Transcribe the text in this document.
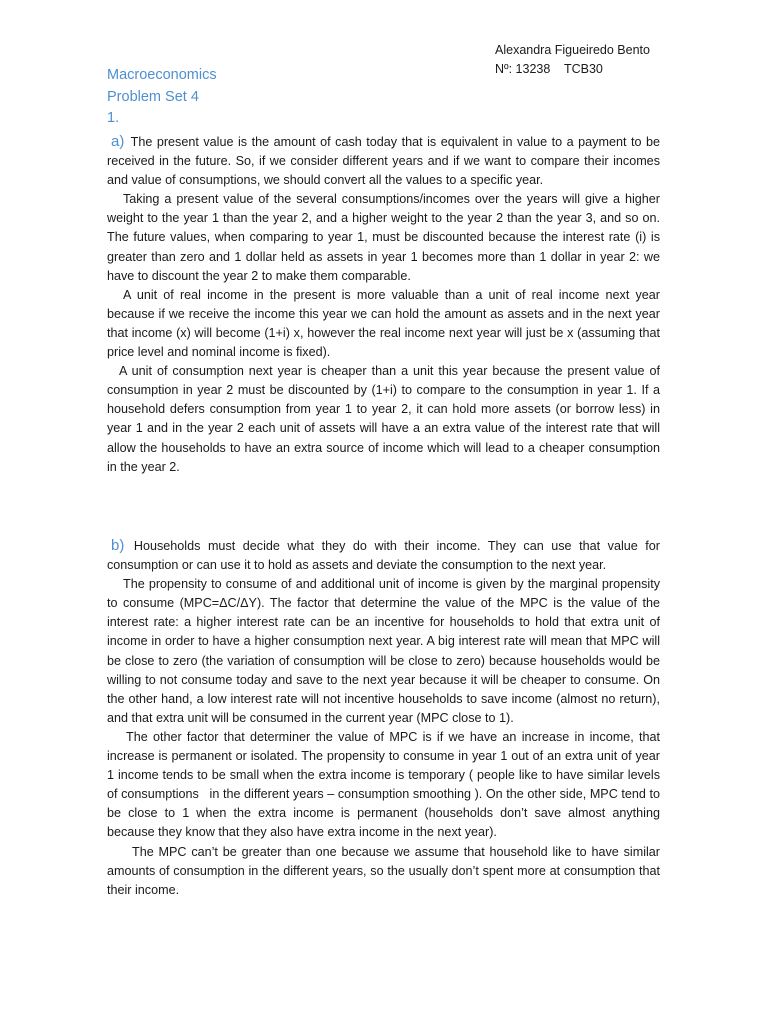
Alexandra Figueiredo Bento
Nº: 13238    TCB30
Macroeconomics
Problem Set 4
1.

a) The present value is the amount of cash today that is equivalent in value to a payment to be received in the future. So, if we consider different years and if we want to compare their incomes and value of consumptions, we should convert all the values to a specific year.

Taking a present value of the several consumptions/incomes over the years will give a higher weight to the year 1 than the year 2, and a higher weight to the year 2 than the year 3, and so on. The future values, when comparing to year 1, must be discounted because the interest rate (i) is greater than zero and 1 dollar held as assets in year 1 becomes more than 1 dollar in year 2: we have to discount the year 2 to make them comparable.

A unit of real income in the present is more valuable than a unit of real income next year because if we receive the income this year we can hold the amount as assets and in the next year that income (x) will become (1+i) x, however the real income next year will just be x (assuming that price level and nominal income is fixed).

A unit of consumption next year is cheaper than a unit this year because the present value of consumption in year 2 must be discounted by (1+i) to compare to the consumption in year 1. If a household defers consumption from year 1 to year 2, it can hold more assets (or borrow less) in year 1 and in the year 2 each unit of assets will have a an extra value of the interest rate that will allow the households to have an extra source of income which will lead to a cheaper consumption in the year 2.

b) Households must decide what they do with their income. They can use that value for consumption or can use it to hold as assets and deviate the consumption to the next year.

The propensity to consume of and additional unit of income is given by the marginal propensity to consume (MPC=ΔC/ΔY). The factor that determine the value of the MPC is the value of the interest rate: a higher interest rate can be an incentive for households to hold that extra unit of income in order to have a higher consumption next year. A big interest rate will mean that MPC will be close to zero (the variation of consumption will be close to zero) because households would be willing to not consume today and save to the next year because it will be cheaper to consume. On the other hand, a low interest rate will not incentive households to save income (almost no return), and that extra unit will be consumed in the current year (MPC close to 1).

The other factor that determiner the value of MPC is if we have an increase in income, that increase is permanent or isolated. The propensity to consume in year 1 out of an extra unit of year 1 income tends to be small when the extra income is temporary ( people like to have similar levels of consumptions   in the different years – consumption smoothing ). On the other side, MPC tend to be close to 1 when the extra income is permanent (households don’t save almost anything because they know that they also have extra income in the next year).

The MPC can’t be greater than one because we assume that household like to have similar amounts of consumption in the different years, so the usually don’t spent more at consumption that their income.
